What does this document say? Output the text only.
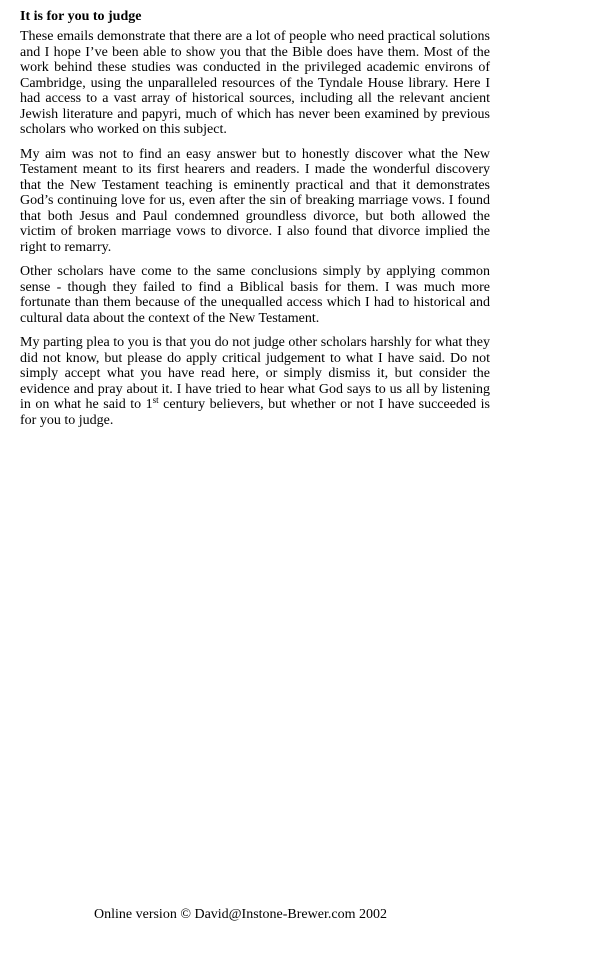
It is for you to judge

These emails demonstrate that there are a lot of people who need practical solutions and I hope I’ve been able to show you that the Bible does have them. Most of the work behind these studies was conducted in the privileged academic environs of Cambridge, using the unparalleled resources of the Tyndale House library. Here I had access to a vast array of historical sources, including all the relevant ancient Jewish literature and papyri, much of which has never been examined by previous scholars who worked on this subject.

My aim was not to find an easy answer but to honestly discover what the New Testament meant to its first hearers and readers. I made the wonderful discovery that the New Testament teaching is eminently practical and that it demonstrates God’s continuing love for us, even after the sin of breaking marriage vows. I found that both Jesus and Paul condemned groundless divorce, but both allowed the victim of broken marriage vows to divorce. I also found that divorce implied the right to remarry.

Other scholars have come to the same conclusions simply by applying common sense - though they failed to find a Biblical basis for them. I was much more fortunate than them because of the unequalled access which I had to historical and cultural data about the context of the New Testament.

My parting plea to you is that you do not judge other scholars harshly for what they did not know, but please do apply critical judgement to what I have said. Do not simply accept what you have read here, or simply dismiss it, but consider the evidence and pray about it. I have tried to hear what God says to us all by listening in on what he said to 1st century believers, but whether or not I have succeeded is for you to judge.

Online version © David@Instone-Brewer.com 2002
